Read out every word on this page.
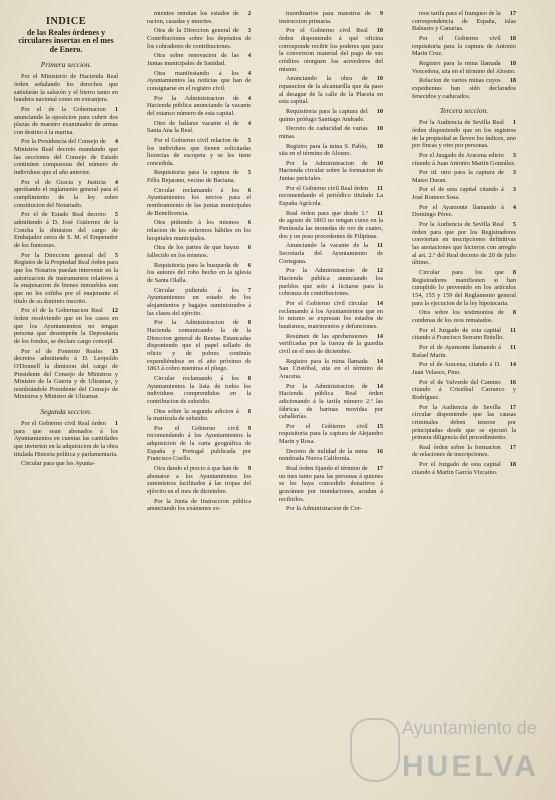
INDICE
de las Reales órdenes y circulares insertas en el mes de Enero.
Primera seccion.

Por el Ministerio de Hacienda Real órden señalando los derechos que satisfarán la salazón y el bierro tanto en bandera nacional como en extranjera.

1
Por el de la Gobernacion anunciando la oposicion para cubrir dos plazas de maestro examinador de armas con destino á la marina.

4
Por la Presidencia del Consejo de Ministros Real decreto mandando que las secciones del Consejo de Estado continúen compuestas del número de individuos que el año anterior.

4
Por el de Gracia y Justicia aprobando el reglamento general para el cumplimiento de la ley sobre constitucion del Notariado.

5
Por el de Estado Real decreto admitiendo á D. José Gutierrez de la Concha la dimision del cargo de Embajador cerca de S. M. el Emperador de los franceses.

5
Por la Direccion general del Registro de la Propiedad Real órden para que los Notarios puedan intervenir en la autorizacion de instrumentos relativos á la enajenacion de bienes inmuebles aun que no les exhiba por el enajenante el título de su dominio inscrito.

12
Por el de la Gobernacion Real órden resolviendo que en los casos en que los Ayuntamientos no tengan persona que desempeñe la Depositaría de los fondos, se declare cargo concejil.

13
Por el de Fomento Reales decretos admitiendo á D. Leopoldo O'Donnell la dimision del cargo de Presidente del Consejo de Ministros y Ministro de la Guerra y de Ultramar, y nombrándole Presidente del Consejo de Ministros y Ministro de Ultramar.

Segunda seccion.

1
Por el Gobierno civil Real órden para que sean abonados á los Ayuntamientos en cuentas las cantidades que invierten en la adquisicion de la obra titulada Historia política y parlamentaria.

Circular para que los Ayunta-

2
mientos remitan los estados de racion, casadas y muertes.

3
Otra de la Direccion general de Contribuciones sobre los depósitos de los cobradores de contribuciones.

4
Otra sobre renovacion de las Juntas municipales de Sanidad.

4
Otra manifestando á los Ayuntamientos las noticias que han de consignarse en el registro civil.

4
Por la Administracion de Hacienda pública anunciando la vacante del estanco número de esta capital.

4
Otro de hallarse vacante el de Santa Ana la Real.

5
Por el Gobierno civil relacion de los individuos que tienen solicitadas licencias de escopeta y se les tiene concedida.

5
Requisitoria para la captura de Félix Bejarano, vecino de Baciana.

6
Circular reclamando á los Ayuntamientos los tercios para el nombramiento de las juntas municipales de Beneficencia.

6
Otra pidiendo á los mismos relacion de los enfermos hábiles en los hospitales municipales.

6
Otra de los partes de que hayan fallecido en los mismos.

6
Requisitoria para la busqueda de los autores del robo hecho en la iglesia de Santa Olalla.

7
Circular pidiendo á los Ayuntamientos un estado de los alojamientos y bagajes suministrados á las clases del ejército.

8
Por la Administracion de Hacienda comunicando la de la Direccion general de Rentas Estancadas disponiendo que el papel sellado de oficio y de pobres continúe expendiéndose en el año próximo de 1863 á cobro mientras el pliego.

8
Circular reclamando á los Ayuntamientos la lista de todos los individuos comprendidos en la contribucion de subsidio.

8
Otra sobre la segunda adicion á la matrícula de subsidio.

9
Por el Gobierno civil recomendando á los Ayuntamientos la adquisicion de la carta geográfica de España y Portugal publicada por Francisco Coello.

9
Otra dando el precio á que han de abonarse a los Ayuntamientos los suministros facilitados á las tropas del ejército en el mes de diciembre.

Por la Junta de Instruccion pública anunciando los exámenes ex-

9
traordinarios para maestros de instruccion primaria.

10
Por el Gobierno civil Real órden disponiendo á qué oficina corresponde recibir los poderes que para la conversion material del pago de sus créditos otorguen los acreedores del mismo.

10
Anunciando la obra de reparacion de la alcantarilla que da paso al desague de la calle de la Placeta en esta capital.

10
Requisitoria para la captura del quinto prófugo Santiago Andrade.

10
Decreto de caducidad de varias minas.

10
Registro para la mina S. Pablo, sita en el término de Alosno.

10
Por la Administracion de Hacienda circular sobre la formacion de Juntas periciales.

11
Por el Gobierno civil Real órden recomendando el periódico titulado La España Agrícola.

11
Real órden para que desde 1.º de agosto de 1863 no tengan curso en la Península las monedas de oro de cuatro, dos y un peso procedentes de Filipinas.

11
Anunciando la vacante de la Secretaría del Ayuntamiento de Cortegana.

12
Por la Administracion de Hacienda pública anunciando los pueblos que solo á licitarse para la cobranza de contribuciones.

14
Por el Gobierno civil circular reclamando á los Ayuntamientos que en lo mismo se expresan los estados de bautismos, matrimonios y defunciones.

14
Resúmen de las aprehensiones verificadas por la fuerza de la guardia civil en el mes de diciembre.

14
Registro para la mina llamada San Cristóbal, sita en el término de Aracena.

14
Por la Administracion de Hacienda pública Real órden adicionando á la tarifa número 2.º las fábricas de harinas movidas por caballerías.

15
Por el Gobierno civil requisitoria para la captura de Alejandro Marin y Rosa.

16
Decreto de nulidad de la mina nombrada Nueva California.

17
Real órden fijando el término de un mes tanto para las personas á quienes se les haya concedido donativos á gravámen por inundaciones, acudan á recibirlos.

Por la Administracion de Cor-

17
reos tarifa para el franqueo de la correspondencia de España, islas Baleares y Canarias.

18
Por el Gobierno civil requisitoria para la captura de Antonio Marin Cruz.

18
Registro para la mina llamada Vencedora, sita en el término del Alosno.

18
Relacion de varios minas cuyos expedientes han sido declarados fenecidos y caducados.

Tercera seccion.

1
Por la Audiencia de Sevilla Real órden disponiendo que en los registros de la propiedad se lleven los índices, uno por fincas y otro por personas.

3
Por el Juzgado de Aracena edicto citando á Juan Antonio Martin González.

3
Por id. otro para la captura de Mateo Duran.

3
Por el de esta capital citando á José Romero Sosa.

4
Por el Ayamonte llamando á Domingo Pérez.

5
Por la Audiencia de Sevilla Real órden para que por los Registradores conviertan en inscripciones definitivas las anotaciones que hicieron con arreglo al art. 2.º del Real decreto de 20 de julio último.

8
Circular para los que Registradores manifiesten si han cumplido lo prevenido en los artículos 154, 155 y 159 del Reglamento general para la ejecucion de la ley hipotecaria.

8
Otra sobre los testimonios de condenas de los reos rematados.

11
Por el Juzgado de esta capital citando á Francisco Serrano Botello.

11
Por el de Ayamonte llamando á Rafael Marin.

14
Por el de Aracena, citando á D. Juan Velasco, Pino.

16
Por el de Valverde del Camino citando á Cristóbal Carranco y Rodríguez.

17
Por la Audiencia de Sevilla circular disponiendo que las causas criminales deben tenerse por principiadas desde que se ejecutó la primera diligencia del procedimiento.

17
Real órden sobre la formacion de relaciones de inscripciones.

18
Por el Juzgado de esta capital citando á Martin García Vizcaino.

Ayuntamiento de
HUELVA
